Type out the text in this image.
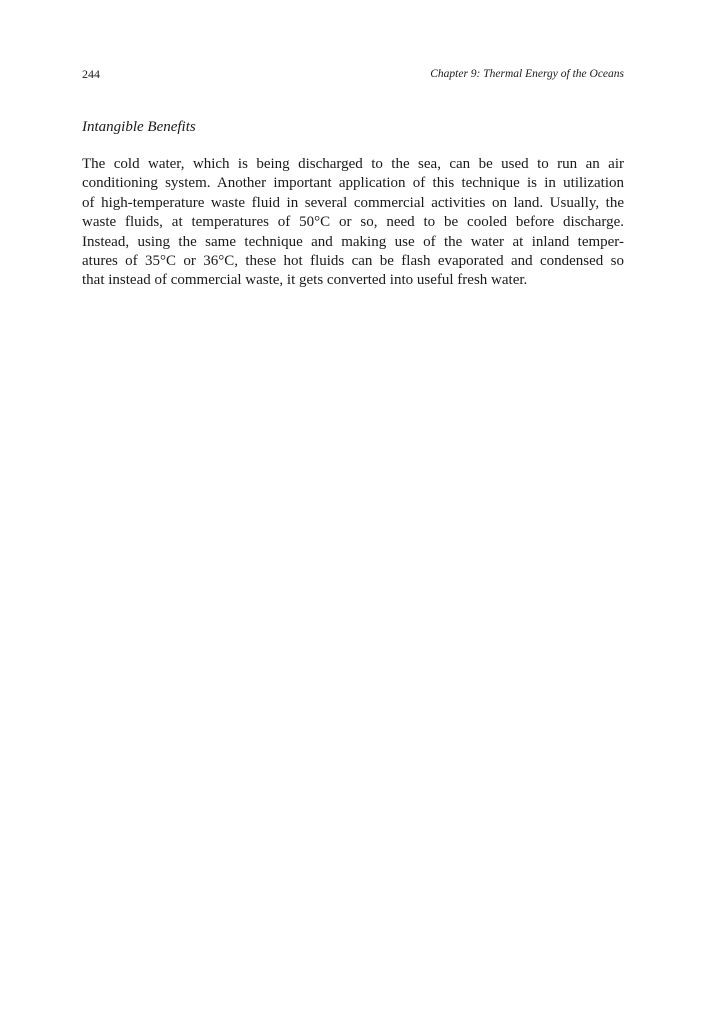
244	Chapter 9: Thermal Energy of the Oceans
Intangible Benefits

The cold water, which is being discharged to the sea, can be used to run an air
conditioning system. Another important application of this technique is in utilization
of high-temperature waste fluid in several commercial activities on land. Usually, the
waste fluids, at temperatures of 50°C or so, need to be cooled before discharge.
Instead, using the same technique and making use of the water at inland temper-
atures of 35°C or 36°C, these hot fluids can be flash evaporated and condensed so
that instead of commercial waste, it gets converted into useful fresh water.
